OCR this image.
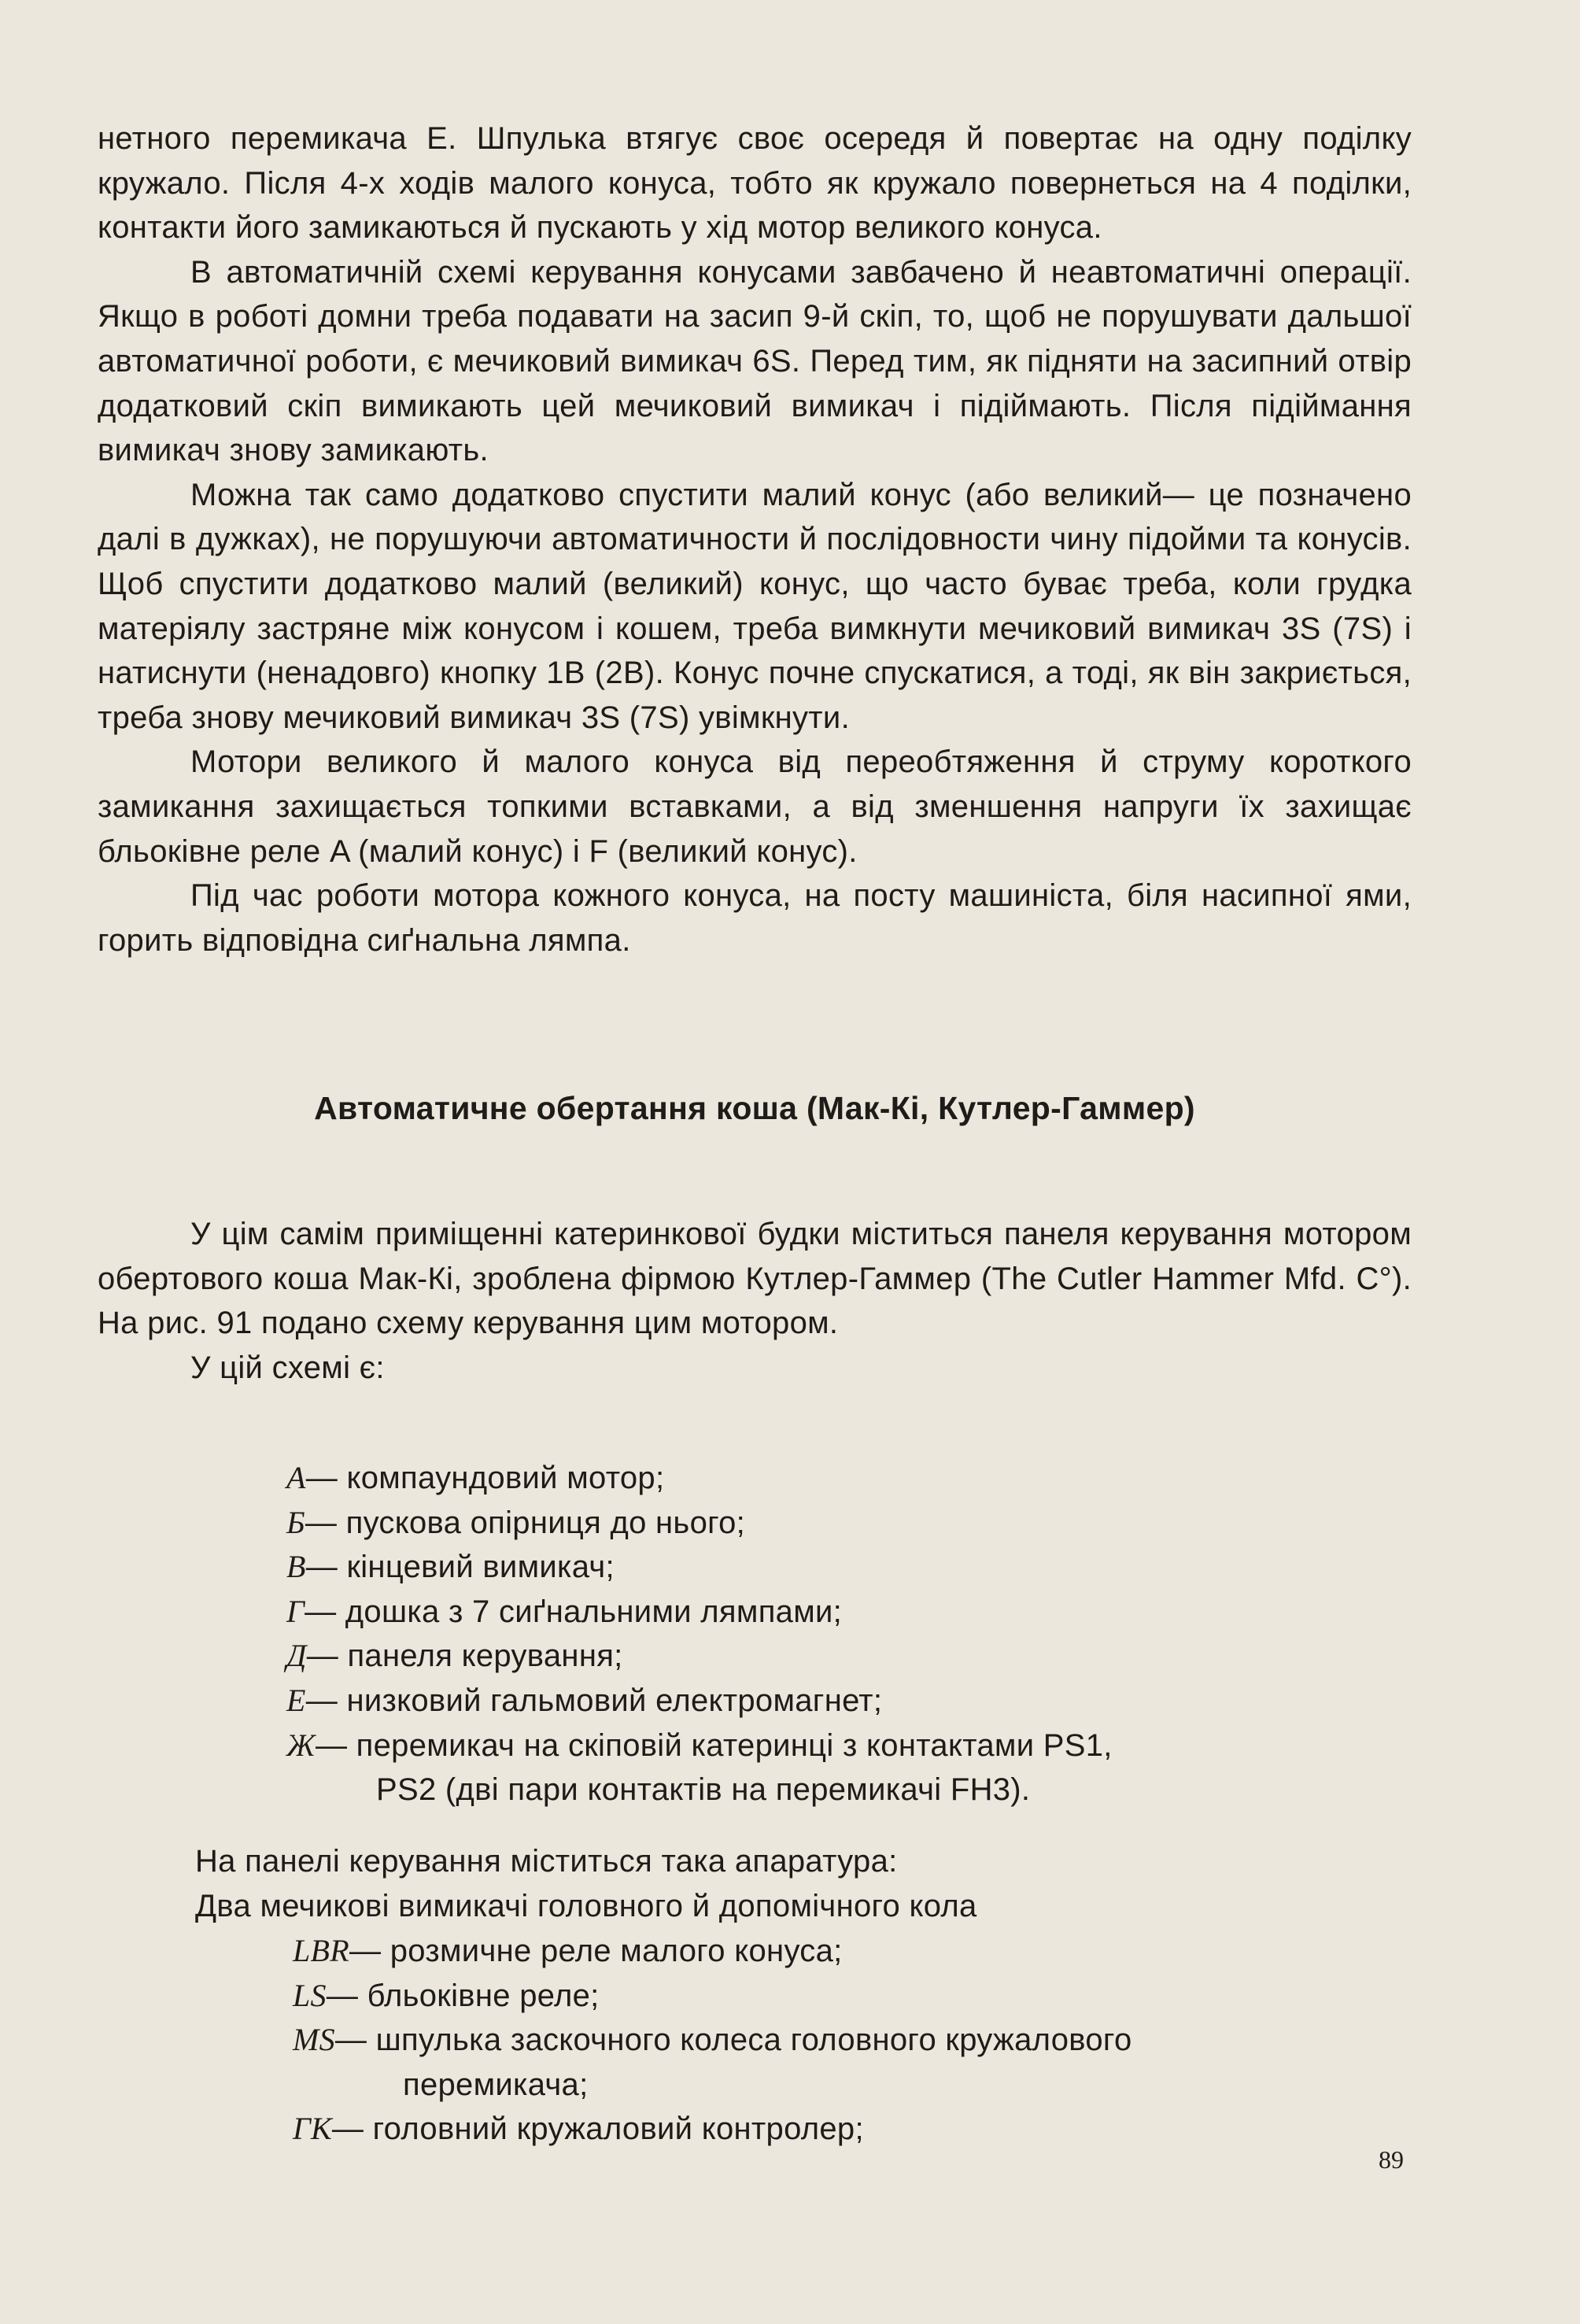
нетного перемикача E. Шпулька втягує своє осередя й повертає на одну поділку кружало. Після 4-х ходів малого конуса, тобто як кружало повернеться на 4 поділки, контакти його замикаються й пускають у хід мотор великого конуса.

В автоматичній схемі керування конусами завбачено й неавтоматичні операції. Якщо в роботі домни треба подавати на засип 9-й скіп, то, щоб не порушувати дальшої автоматичної роботи, є мечиковий вимикач 6S. Перед тим, як підняти на засипний отвір додатковий скіп вимикають цей мечиковий вимикач і підіймають. Після підіймання вимикач знову замикають.

Можна так само додатково спустити малий конус (або великий— це позначено далі в дужках), не порушуючи автоматичности й послідовности чину підойми та конусів. Щоб спустити додатково малий (великий) конус, що часто буває треба, коли грудка матеріялу застряне між конусом і кошем, треба вимкнути мечиковий вимикач 3S (7S) і натиснути (ненадовго) кнопку 1B (2B). Конус почне спускатися, а тоді, як він закриється, треба знову мечиковий вимикач 3S (7S) увімкнути.

Мотори великого й малого конуса від переобтяження й струму короткого замикання захищається топкими вставками, а від зменшення напруги їх захищає бльоківне реле A (малий конус) і F (великий конус).

Під час роботи мотора кожного конуса, на посту машиніста, біля насипної ями, горить відповідна сиґнальна лямпа.

Автоматичне обертання коша (Мак-Кі, Кутлер-Гаммер)

У цім самім приміщенні катеринкової будки міститься панеля керування мотором обертового коша Мак-Кі, зроблена фірмою Кутлер-Гаммер (The Cutler Hammer Mfd. C°). На рис. 91 подано схему керування цим мотором.

У цій схемі є:

А— компаундовий мотор;
Б— пускова опірниця до нього;
В— кінцевий вимикач;
Г— дошка з 7 сиґнальними лямпами;
Д— панеля керування;
Е— низковий гальмовий електромагнет;
Ж— перемикач на скіповій катеринці з контактами PS1,
PS2 (дві пари контактів на перемикачі FH3).

На панелі керування міститься така апаратура:

Два мечикові вимикачі головного й допомічного кола

LBR— розмичне реле малого конуса;
LS— бльоківне реле;
MS— шпулька заскочного колеса головного кружалового
перемикача;
ГК— головний кружаловий контролер;
89
